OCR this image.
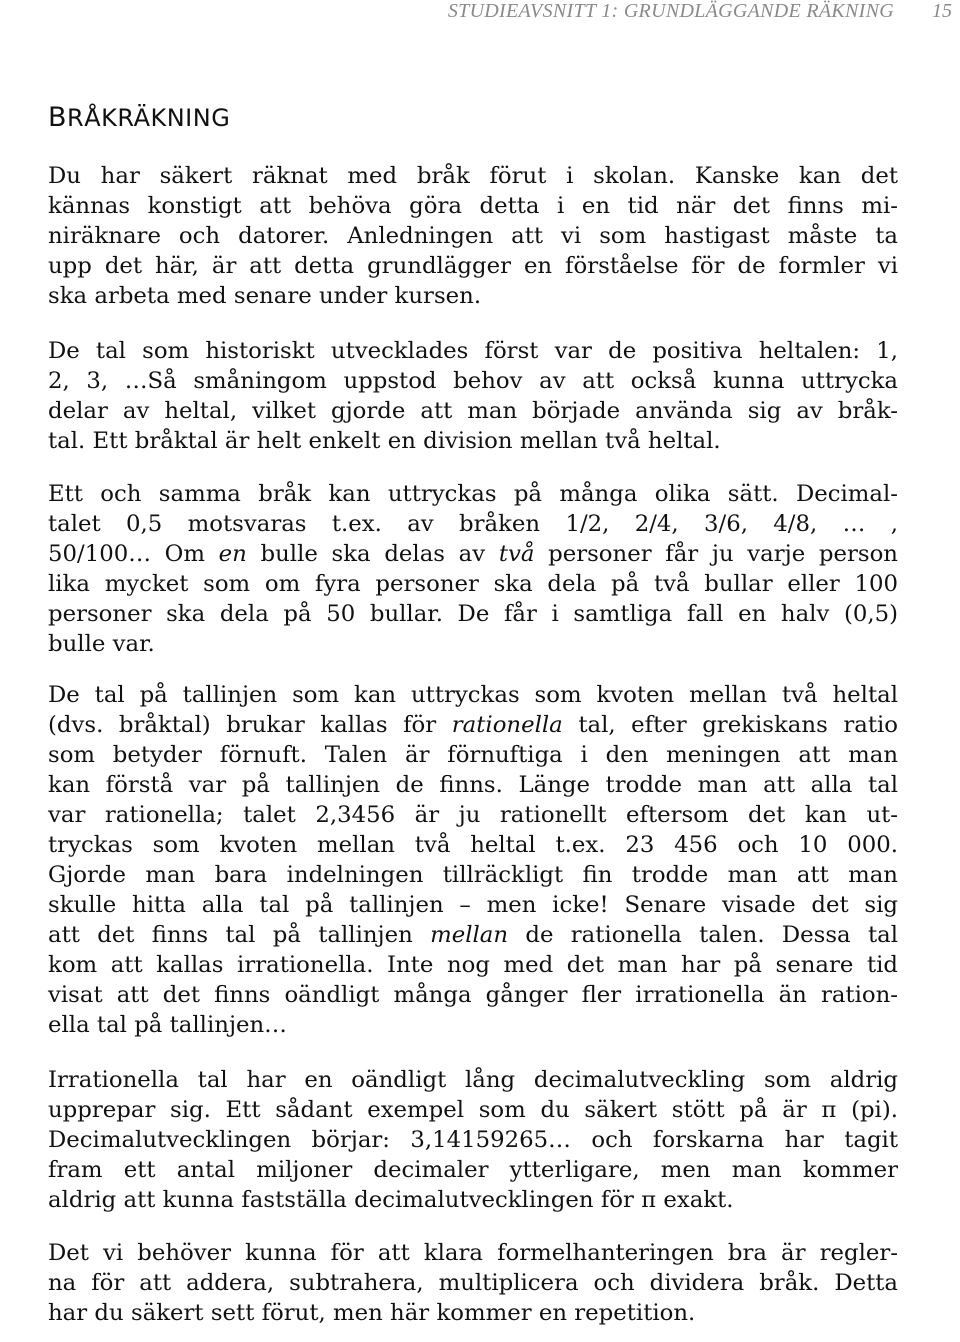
STUDIEAVSNITT 1: GRUNDLÄGGANDE RÄKNING 15
BRÅKRÄKNING

Du har säkert räknat med bråk förut i skolan. Kanske kan det
kännas konstigt att behöva göra detta i en tid när det finns mi-
niräknare och datorer. Anledningen att vi som hastigast måste ta
upp det här, är att detta grundlägger en förståelse för de formler vi
ska arbeta med senare under kursen.

De tal som historiskt utvecklades först var de positiva heltalen: 1,
2, 3, …Så småningom uppstod behov av att också kunna uttrycka
delar av heltal, vilket gjorde att man började använda sig av bråk-
tal. Ett bråktal är helt enkelt en division mellan två heltal.

Ett och samma bråk kan uttryckas på många olika sätt. Decimal-
talet 0,5 motsvaras t.ex. av bråken 1/2, 2/4, 3/6, 4/8, … ,
50/100… Om en bulle ska delas av två personer får ju varje person
lika mycket som om fyra personer ska dela på två bullar eller 100
personer ska dela på 50 bullar. De får i samtliga fall en halv (0,5)
bulle var.

De tal på tallinjen som kan uttryckas som kvoten mellan två heltal
(dvs. bråktal) brukar kallas för rationella tal, efter grekiskans ratio
som betyder förnuft. Talen är förnuftiga i den meningen att man
kan förstå var på tallinjen de finns. Länge trodde man att alla tal
var rationella; talet 2,3456 är ju rationellt eftersom det kan ut-
tryckas som kvoten mellan två heltal t.ex. 23 456 och 10 000.
Gjorde man bara indelningen tillräckligt fin trodde man att man
skulle hitta alla tal på tallinjen – men icke! Senare visade det sig
att det finns tal på tallinjen mellan de rationella talen. Dessa tal
kom att kallas irrationella. Inte nog med det man har på senare tid
visat att det finns oändligt många gånger fler irrationella än ration-
ella tal på tallinjen…

Irrationella tal har en oändligt lång decimalutveckling som aldrig
upprepar sig. Ett sådant exempel som du säkert stött på är π (pi).
Decimalutvecklingen börjar: 3,14159265… och forskarna har tagit
fram ett antal miljoner decimaler ytterligare, men man kommer
aldrig att kunna fastställa decimalutvecklingen för π exakt.

Det vi behöver kunna för att klara formelhanteringen bra är regler-
na för att addera, subtrahera, multiplicera och dividera bråk. Detta
har du säkert sett förut, men här kommer en repetition.
